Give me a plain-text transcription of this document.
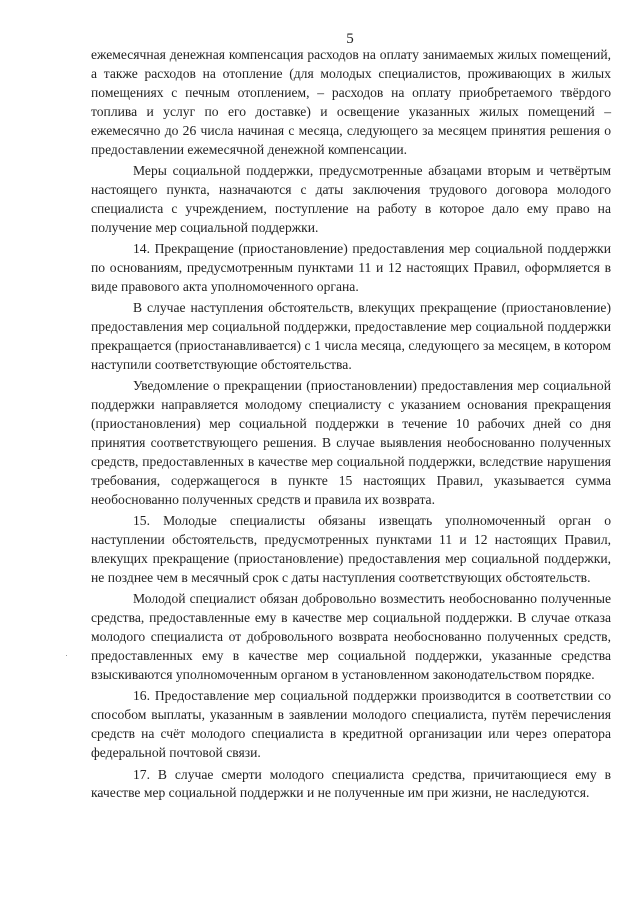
5

ежемесячная денежная компенсация расходов на оплату занимаемых жилых помещений, а также расходов на отопление (для молодых специалистов, проживающих в жилых помещениях с печным отоплением, – расходов на оплату приобретаемого твёрдого топлива и услуг по его доставке) и освещение указанных жилых помещений – ежемесячно до 26 числа начиная с месяца, следующего за месяцем принятия решения о предоставлении ежемесячной денежной компенсации.

Меры социальной поддержки, предусмотренные абзацами вторым и четвёртым настоящего пункта, назначаются с даты заключения трудового договора молодого специалиста с учреждением, поступление на работу в которое дало ему право на получение мер социальной поддержки.

14. Прекращение (приостановление) предоставления мер социальной поддержки по основаниям, предусмотренным пунктами 11 и 12 настоящих Правил, оформляется в виде правового акта уполномоченного органа.

В случае наступления обстоятельств, влекущих прекращение (приостановление) предоставления мер социальной поддержки, предоставление мер социальной поддержки прекращается (приостанавливается) с 1 числа месяца, следующего за месяцем, в котором наступили соответствующие обстоятельства.

Уведомление о прекращении (приостановлении) предоставления мер социальной поддержки направляется молодому специалисту с указанием основания прекращения (приостановления) мер социальной поддержки в течение 10 рабочих дней со дня принятия соответствующего решения. В случае выявления необоснованно полученных средств, предоставленных в качестве мер социальной поддержки, вследствие нарушения требования, содержащегося в пункте 15 настоящих Правил, указывается сумма необоснованно полученных средств и правила их возврата.

15. Молодые специалисты обязаны извещать уполномоченный орган о наступлении обстоятельств, предусмотренных пунктами 11 и 12 настоящих Правил, влекущих прекращение (приостановление) предоставления мер социальной поддержки, не позднее чем в месячный срок с даты наступления соответствующих обстоятельств.

Молодой специалист обязан добровольно возместить необоснованно полученные средства, предоставленные ему в качестве мер социальной поддержки. В случае отказа молодого специалиста от добровольного возврата необоснованно полученных средств, предоставленных ему в качестве мер социальной поддержки, указанные средства взыскиваются уполномоченным органом в установленном законодательством порядке.

16. Предоставление мер социальной поддержки производится в соответствии со способом выплаты, указанным в заявлении молодого специалиста, путём перечисления средств на счёт молодого специалиста в кредитной организации или через оператора федеральной почтовой связи.

17. В случае смерти молодого специалиста средства, причитающиеся ему в качестве мер социальной поддержки и не полученные им при жизни, не наследуются.
